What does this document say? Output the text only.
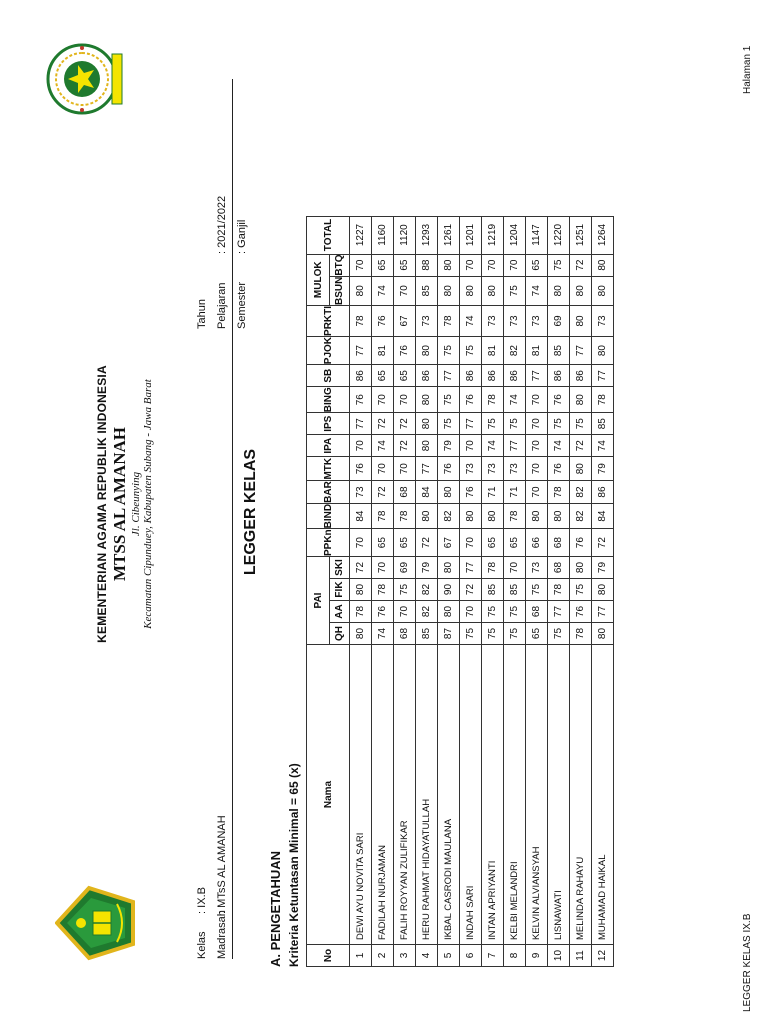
KEMENTERIAN AGAMA REPUBLIK INDONESIA MTSS AL AMANAH Jl. Cibeunying Kecamatan Cipunduey, Kabupaten Subang - Jawa Barat
Kelas : IX.B
Madrasah : MTsS AL AMANAH
Tahun Pelajaran : 2021/2022
Semester : Ganjil
LEGGER KELAS
A. PENGETAHUAN Kriteria Ketuntasan Minimal = 65 (x) No	Nama	PAI				PPKn	BIND	BAR	MTK	IPA	IPS	BING	SB	PJOK	PRKTI	MULOK		TOTAL
		QH	AA	FIK	SKI											BSUN	BTQ	
1	DEWI AYU NOVITA SARI	80	78	80	72	70	84	73	76	70	77	76	86	77	78	80	70	1227
2	FADILAH NURJAMAN	74	76	78	70	65	78	72	70	74	72	70	65	81	76	74	65	1160
3	FALIH ROYYAN ZULIFIKAR	68	70	75	69	65	78	68	70	72	72	70	65	76	67	70	65	1120
4	HERU RAHMAT HIDAYATULLAH	85	82	82	79	72	80	84	77	80	80	80	86	80	73	85	88	1293
5	IKBAL CASRODI MAULANA	87	80	90	80	67	82	80	76	79	75	75	77	75	78	80	80	1261
6	INDAH SARI	75	70	72	77	70	80	76	73	70	77	76	86	75	74	80	70	1201
7	INTAN APRIYANTI	75	75	85	78	65	80	71	73	74	75	78	86	81	73	80	70	1219
8	KELBI MELANDRI	75	75	85	70	65	78	71	73	77	75	74	86	82	73	75	70	1204
9	KELVIN ALVIANSYAH	65	68	75	73	66	80	70	70	70	70	70	77	81	73	74	65	1147
10	LISNAWATI	75	77	78	68	68	80	78	76	74	75	76	86	85	69	80	75	1220
11	MELINDA RAHAYU	78	76	75	80	76	82	82	80	72	75	80	86	77	80	80	72	1251
12	MUHAMAD HAIKAL	80	77	80	79	72	84	86	79	74	85	78	77	80	73	80	80	1264
LEGGER KELAS IX.B
Halaman 1
